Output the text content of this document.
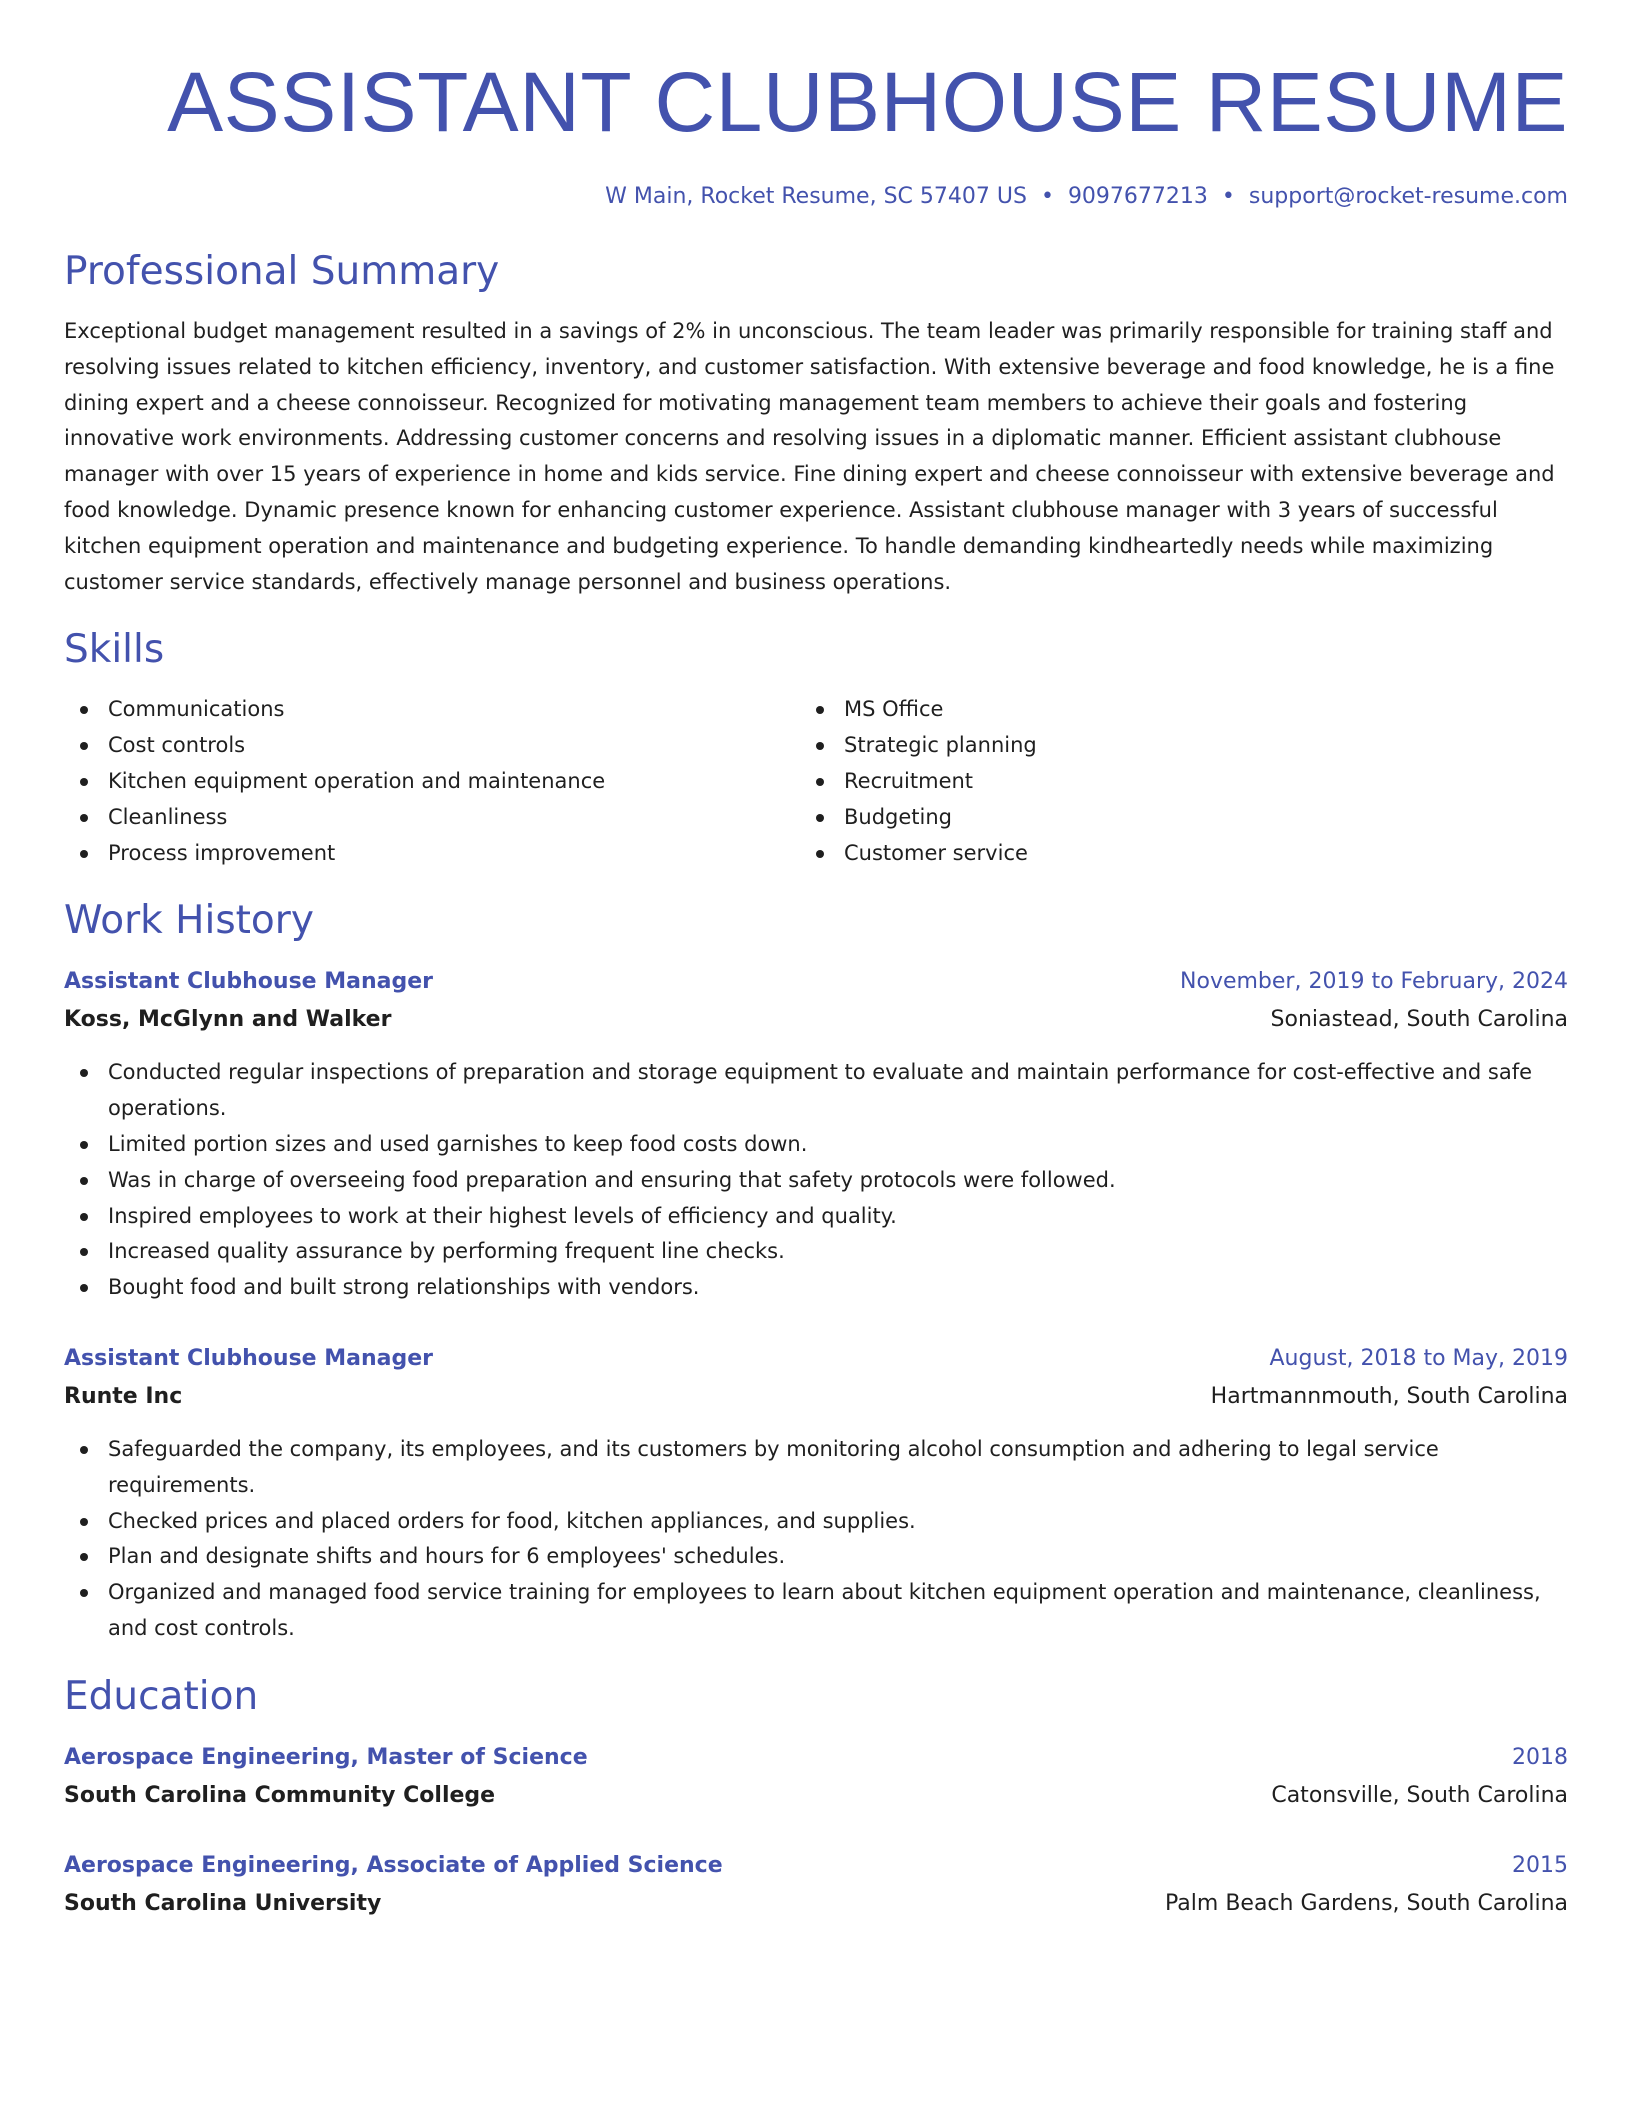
ASSISTANT CLUBHOUSE RESUME
W Main, Rocket Resume, SC 57407 US • 9097677213 • support@rocket-resume.com
Professional Summary

Exceptional budget management resulted in a savings of 2% in unconscious. The team leader was primarily responsible for training staff and resolving issues related to kitchen efficiency, inventory, and customer satisfaction. With extensive beverage and food knowledge, he is a fine dining expert and a cheese connoisseur. Recognized for motivating management team members to achieve their goals and fostering innovative work environments. Addressing customer concerns and resolving issues in a diplomatic manner. Efficient assistant clubhouse manager with over 15 years of experience in home and kids service. Fine dining expert and cheese connoisseur with extensive beverage and food knowledge. Dynamic presence known for enhancing customer experience. Assistant clubhouse manager with 3 years of successful kitchen equipment operation and maintenance and budgeting experience. To handle demanding kindheartedly needs while maximizing customer service standards, effectively manage personnel and business operations.

Skills
Communications
Cost controls
Kitchen equipment operation and maintenance
Cleanliness
Process improvement
MS Office
Strategic planning
Recruitment
Budgeting
Customer service
Work History
Assistant Clubhouse Manager	November, 2019 to February, 2024
Koss, McGlynn and Walker	Soniastead, South Carolina
Conducted regular inspections of preparation and storage equipment to evaluate and maintain performance for cost-effective and safe operations.
Limited portion sizes and used garnishes to keep food costs down.
Was in charge of overseeing food preparation and ensuring that safety protocols were followed.
Inspired employees to work at their highest levels of efficiency and quality.
Increased quality assurance by performing frequent line checks.
Bought food and built strong relationships with vendors.
Assistant Clubhouse Manager	August, 2018 to May, 2019
Runte Inc	Hartmannmouth, South Carolina
Safeguarded the company, its employees, and its customers by monitoring alcohol consumption and adhering to legal service requirements.
Checked prices and placed orders for food, kitchen appliances, and supplies.
Plan and designate shifts and hours for 6 employees' schedules.
Organized and managed food service training for employees to learn about kitchen equipment operation and maintenance, cleanliness, and cost controls.
Education
Aerospace Engineering, Master of Science	2018
South Carolina Community College	Catonsville, South Carolina
Aerospace Engineering, Associate of Applied Science	2015
South Carolina University	Palm Beach Gardens, South Carolina
